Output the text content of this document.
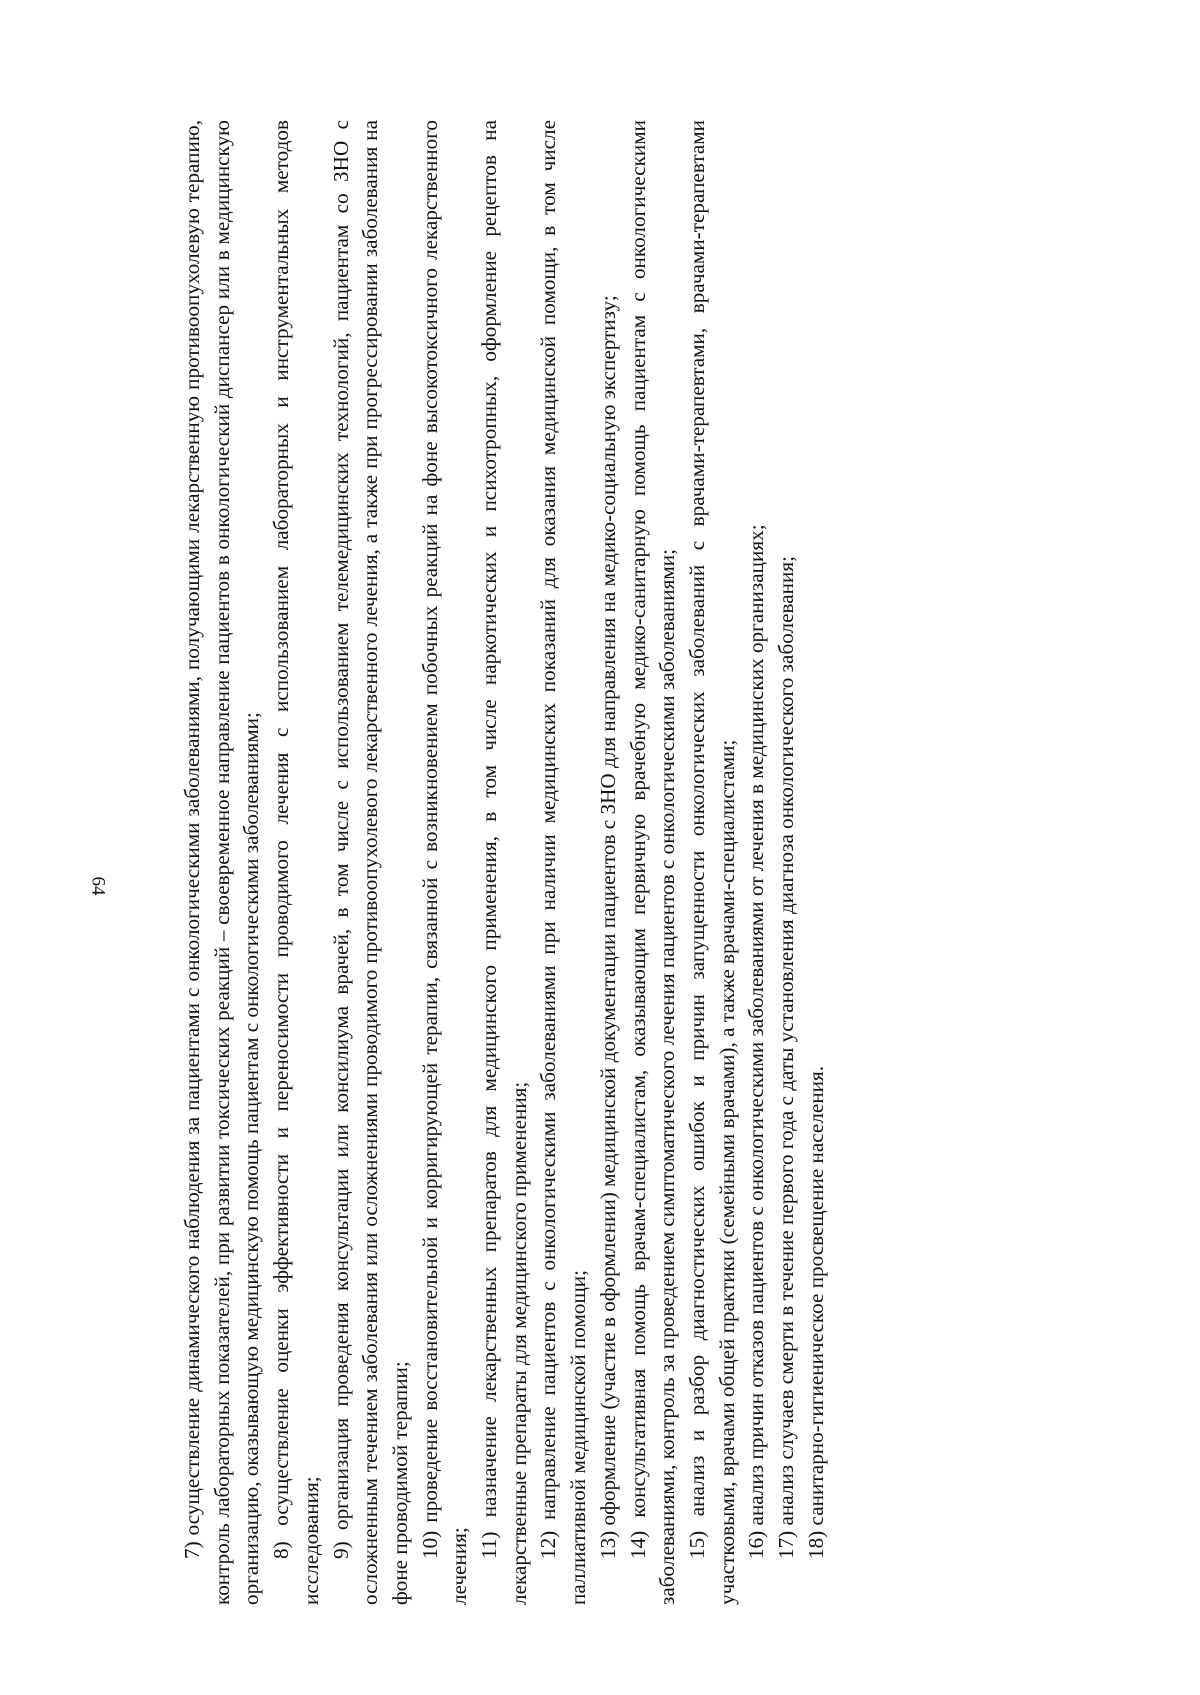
64	7) осуществление динамического наблюдения за пациентами с онкологическими заболеваниями, получающими лекарственную противоопухолевую терапию, контроль лабораторных показателей, при развитии токсических реакций – своевременное направление пациентов в онкологический диспансер или в медицинскую организацию, оказывающую медицинскую помощь пациентам с онкологическими заболеваниями; 8) осуществление оценки эффективности и переносимости проводимого лечения с использованием лабораторных и инструментальных методов исследования; 9) организация проведения консультации или консилиума врачей, в том числе с использованием телемедицинских технологий, пациентам со ЗНО с осложненным течением заболевания или осложнениями проводимого противоопухолевого лекарственного лечения, а также при прогрессировании заболевания на фоне проводимой терапии; 10) проведение восстановительной и корригирующей терапии, связанной с возникновением побочных реакций на фоне высокотоксичного лекарственного лечения;

11) назначение лекарственных препаратов для медицинского применения, в том числе наркотических и психотропных, оформление рецептов на лекарственные препараты для медицинского применения; 12) направление пациентов с онкологическими заболеваниями при наличии медицинских показаний для оказания медицинской помощи, в том числе паллиативной медицинской помощи; 13) оформление (участие в оформлении) медицинской документации пациентов с ЗНО для направления на медико-социальную экспертизу; 14) консультативная помощь врачам-специалистам, оказывающим первичную врачебную медико-санитарную помощь пациентам с онкологическими заболеваниями, контроль за проведением симптоматического лечения пациентов с онкологическими заболеваниями; 15) анализ и разбор диагностических ошибок и причин запущенности онкологических заболеваний с врачами-терапевтами, врачами-терапевтами участковыми, врачами общей практики (семейными врачами), а также врачами-специалистами; 16) анализ причин отказов пациентов с онкологическими заболеваниями от лечения в медицинских организациях; 17) анализ случаев смерти в течение первого года с даты установления диагноза онкологического заболевания; 18) санитарно-гигиеническое просвещение населения.
